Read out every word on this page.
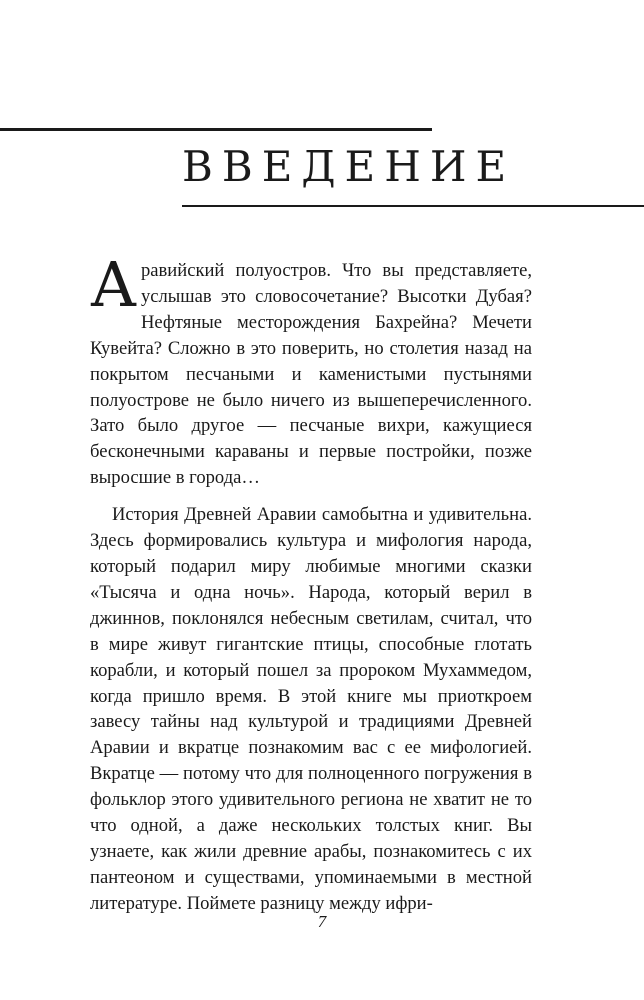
ВВЕДЕНИЕ

Аравийский полуостров. Что вы представляете, услышав это словосочетание? Высотки Дубая? Нефтяные месторождения Бахрейна? Мечети Кувейта? Сложно в это поверить, но столетия назад на покрытом песчаными и каменистыми пустынями полуострове не было ничего из вышеперечисленного. Зато было другое — песчаные вихри, кажущиеся бесконечными караваны и первые постройки, позже выросшие в города…

История Древней Аравии самобытна и удивительна. Здесь формировались культура и мифология народа, который подарил миру любимые многими сказки «Тысяча и одна ночь». Народа, который верил в джиннов, поклонялся небесным светилам, считал, что в мире живут гигантские птицы, способные глотать корабли, и который пошел за пророком Мухаммедом, когда пришло время. В этой книге мы приоткроем завесу тайны над культурой и традициями Древней Аравии и вкратце познакомим вас с ее мифологией. Вкратце — потому что для полноценного погружения в фольклор этого удивительного региона не хватит не то что одной, а даже нескольких толстых книг. Вы узнаете, как жили древние арабы, познакомитесь с их пантеоном и существами, упоминаемыми в местной литературе. Поймете разницу между ифри-

7
